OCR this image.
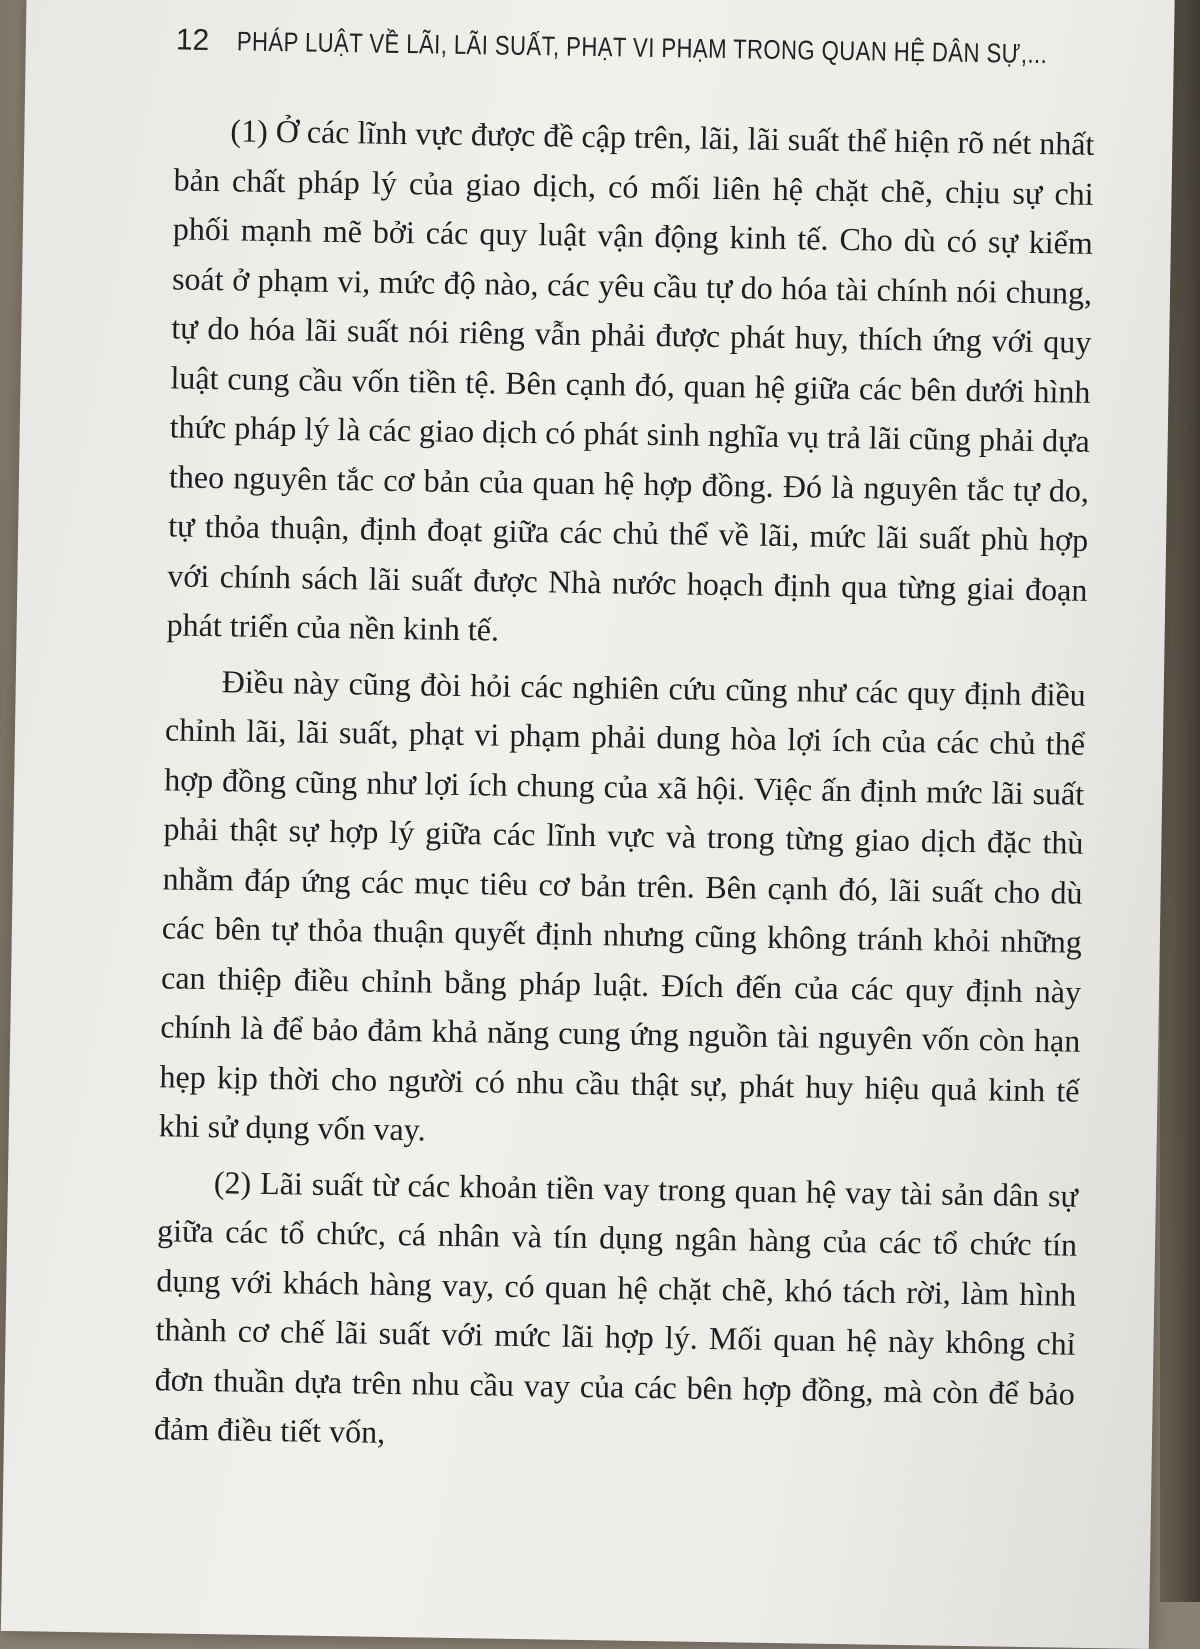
12 PHÁP LUẬT VỀ LÃI, LÃI SUẤT, PHẠT VI PHẠM TRONG QUAN HỆ DÂN SỰ,...

(1) Ở các lĩnh vực được đề cập trên, lãi, lãi suất thể hiện rõ nét nhất bản chất pháp lý của giao dịch, có mối liên hệ chặt chẽ, chịu sự chi phối mạnh mẽ bởi các quy luật vận động kinh tế. Cho dù có sự kiểm soát ở phạm vi, mức độ nào, các yêu cầu tự do hóa tài chính nói chung, tự do hóa lãi suất nói riêng vẫn phải được phát huy, thích ứng với quy luật cung cầu vốn tiền tệ. Bên cạnh đó, quan hệ giữa các bên dưới hình thức pháp lý là các giao dịch có phát sinh nghĩa vụ trả lãi cũng phải dựa theo nguyên tắc cơ bản của quan hệ hợp đồng. Đó là nguyên tắc tự do, tự thỏa thuận, định đoạt giữa các chủ thể về lãi, mức lãi suất phù hợp với chính sách lãi suất được Nhà nước hoạch định qua từng giai đoạn phát triển của nền kinh tế.

Điều này cũng đòi hỏi các nghiên cứu cũng như các quy định điều chỉnh lãi, lãi suất, phạt vi phạm phải dung hòa lợi ích của các chủ thể hợp đồng cũng như lợi ích chung của xã hội. Việc ấn định mức lãi suất phải thật sự hợp lý giữa các lĩnh vực và trong từng giao dịch đặc thù nhằm đáp ứng các mục tiêu cơ bản trên. Bên cạnh đó, lãi suất cho dù các bên tự thỏa thuận quyết định nhưng cũng không tránh khỏi những can thiệp điều chỉnh bằng pháp luật. Đích đến của các quy định này chính là để bảo đảm khả năng cung ứng nguồn tài nguyên vốn còn hạn hẹp kịp thời cho người có nhu cầu thật sự, phát huy hiệu quả kinh tế khi sử dụng vốn vay.

(2) Lãi suất từ các khoản tiền vay trong quan hệ vay tài sản dân sự giữa các tổ chức, cá nhân và tín dụng ngân hàng của các tổ chức tín dụng với khách hàng vay, có quan hệ chặt chẽ, khó tách rời, làm hình thành cơ chế lãi suất với mức lãi hợp lý. Mối quan hệ này không chỉ đơn thuần dựa trên nhu cầu vay của các bên hợp đồng, mà còn để bảo đảm điều tiết vốn,
